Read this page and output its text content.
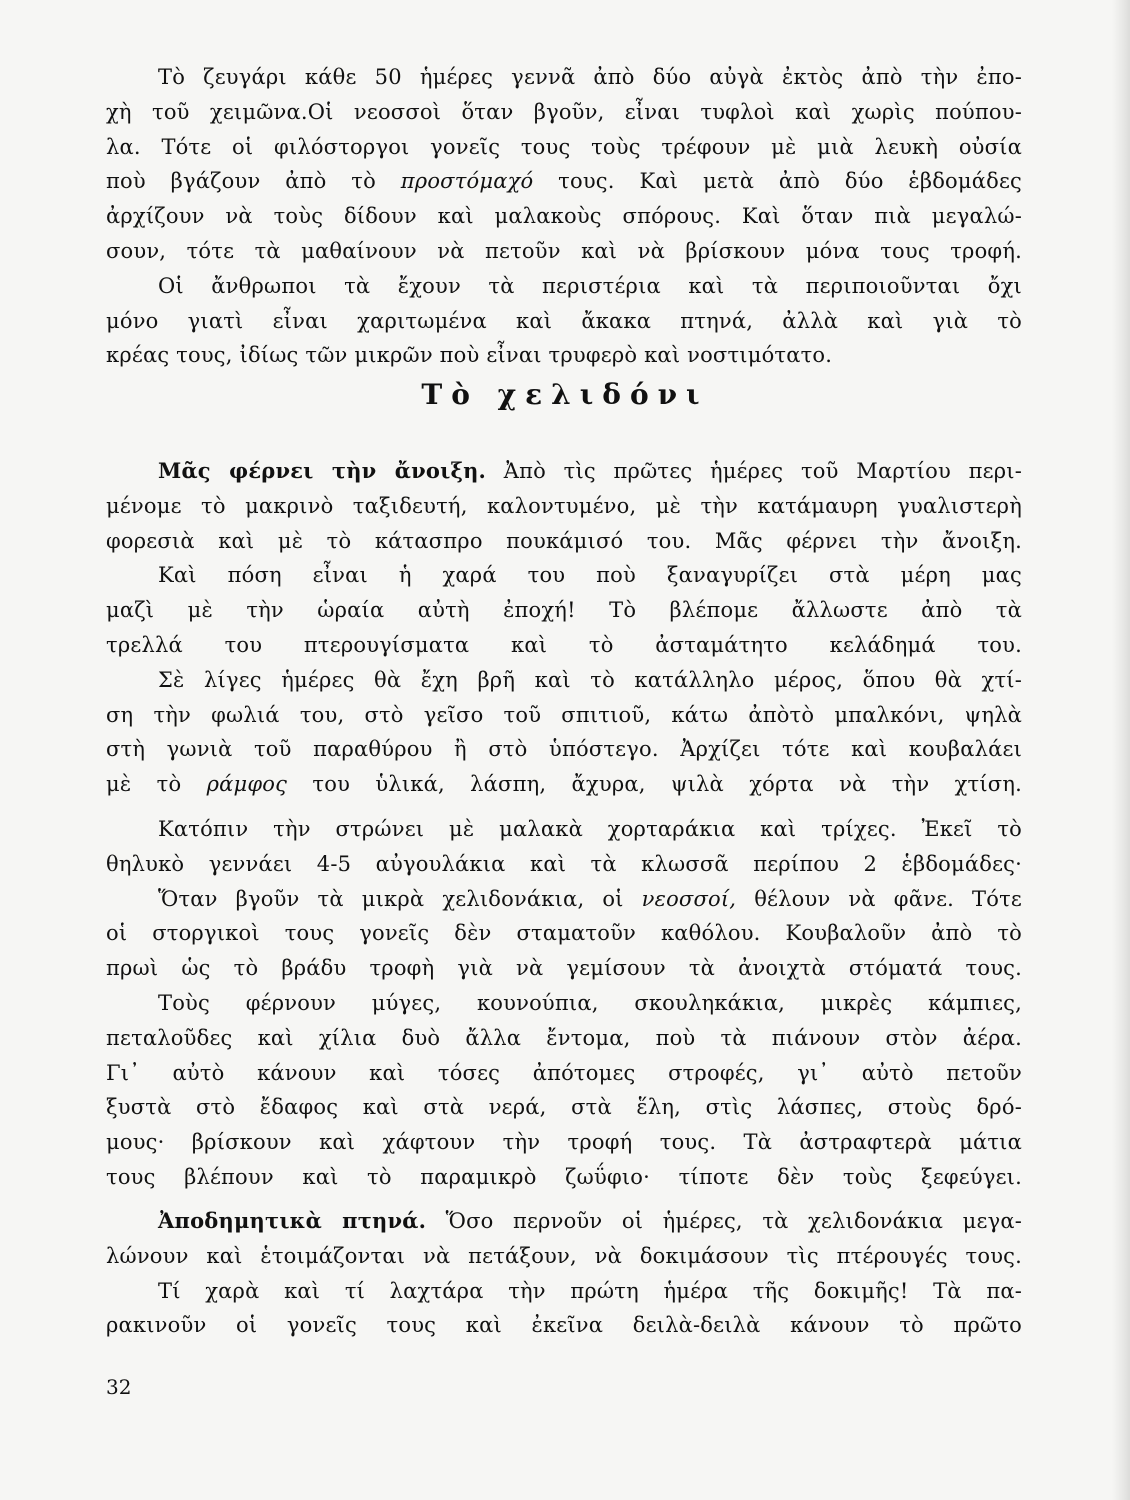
Τὸ ζευγάρι κάθε 50 ἡμέρες γεννᾶ ἀπὸ δύο αὐγὰ ἐκτὸς ἀπὸ τὴν ἐπο-
χὴ τοῦ χειμῶνα.Οἱ νεοσσοὶ ὅταν βγοῦν, εἶναι τυφλοὶ καὶ χωρὶς πούπου-
λα. Τότε οἱ φιλόστοργοι γονεῖς τους τοὺς τρέφουν μὲ μιὰ λευκὴ οὐσία
ποὺ βγάζουν ἀπὸ τὸ προστόμαχό τους. Καὶ μετὰ ἀπὸ δύο ἑβδομάδες
ἀρχίζουν νὰ τοὺς δίδουν καὶ μαλακοὺς σπόρους. Καὶ ὅταν πιὰ μεγαλώ-
σουν, τότε τὰ μαθαίνουν νὰ πετοῦν καὶ νὰ βρίσκουν μόνα τους τροφή.
Οἱ ἄνθρωποι τὰ ἔχουν τὰ περιστέρια καὶ τὰ περιποιοῦνται ὄχι
μόνο γιατὶ εἶναι χαριτωμένα καὶ ἄκακα πτηνά, ἀλλὰ καὶ γιὰ τὸ
κρέας τους, ἰδίως τῶν μικρῶν ποὺ εἶναι τρυφερὸ καὶ νοστιμότατο.
Τὸ χελιδόνι
Μᾶς φέρνει τὴν ἄνοιξη. Ἀπὸ τὶς πρῶτες ἡμέρες τοῦ Μαρτίου περι-
μένομε τὸ μακρινὸ ταξιδευτή, καλοντυμένο, μὲ τὴν κατάμαυρη γυαλιστερὴ
φορεσιὰ καὶ μὲ τὸ κάτασπρο πουκάμισό του. Μᾶς φέρνει τὴν ἄνοιξη.
Καὶ πόση εἶναι ἡ χαρά του ποὺ ξαναγυρίζει στὰ μέρη μας
μαζὶ μὲ τὴν ὡραία αὐτὴ ἐποχή! Τὸ βλέπομε ἄλλωστε ἀπὸ τὰ
τρελλά του πτερουγίσματα καὶ τὸ ἀσταμάτητο κελάδημά του.
Σὲ λίγες ἡμέρες θὰ ἔχη βρῆ καὶ τὸ κατάλληλο μέρος, ὅπου θὰ χτί-
ση τὴν φωλιά του, στὸ γεῖσο τοῦ σπιτιοῦ, κάτω ἀπὸτὸ μπαλκόνι, ψηλὰ
στὴ γωνιὰ τοῦ παραθύρου ἢ στὸ ὑπόστεγο. Ἀρχίζει τότε καὶ κουβαλάει
μὲ τὸ ράμφος του ὑλικά, λάσπη, ἄχυρα, ψιλὰ χόρτα νὰ τὴν χτίση.
Κατόπιν τὴν στρώνει μὲ μαλακὰ χορταράκια καὶ τρίχες. Ἐκεῖ τὸ
θηλυκὸ γεννάει 4-5 αὐγουλάκια καὶ τὰ κλωσσᾶ περίπου 2 ἑβδομάδες·
Ὅταν βγοῦν τὰ μικρὰ χελιδονάκια, οἱ νεοσσοί, θέλουν νὰ φᾶνε. Τότε
οἱ στοργικοὶ τους γονεῖς δὲν σταματοῦν καθόλου. Κουβαλοῦν ἀπὸ τὸ
πρωὶ ὡς τὸ βράδυ τροφὴ γιὰ νὰ γεμίσουν τὰ ἀνοιχτὰ στόματά τους.
Τοὺς φέρνουν μύγες, κουνούπια, σκουληκάκια, μικρὲς κάμπιες,
πεταλοῦδες καὶ χίλια δυὸ ἄλλα ἔντομα, ποὺ τὰ πιάνουν στὸν ἀέρα.
Γι᾽ αὐτὸ κάνουν καὶ τόσες ἀπότομες στροφές, γι᾽ αὐτὸ πετοῦν
ξυστὰ στὸ ἔδαφος καὶ στὰ νερά, στὰ ἕλη, στὶς λάσπες, στοὺς δρό-
μους· βρίσκουν καὶ χάφτουν τὴν τροφή τους. Τὰ ἀστραφτερὰ μάτια
τους βλέπουν καὶ τὸ παραμικρὸ ζωΰφιο· τίποτε δὲν τοὺς ξεφεύγει.
Ἀποδημητικὰ πτηνά. Ὅσο περνοῦν οἱ ἡμέρες, τὰ χελιδονάκια μεγα-
λώνουν καὶ ἑτοιμάζονται νὰ πετάξουν, νὰ δοκιμάσουν τὶς πτέρουγές τους.
Τί χαρὰ καὶ τί λαχτάρα τὴν πρώτη ἡμέρα τῆς δοκιμῆς! Τὰ πα-
ρακινοῦν οἱ γονεῖς τους καὶ ἐκεῖνα δειλὰ-δειλὰ κάνουν τὸ πρῶτο
32
